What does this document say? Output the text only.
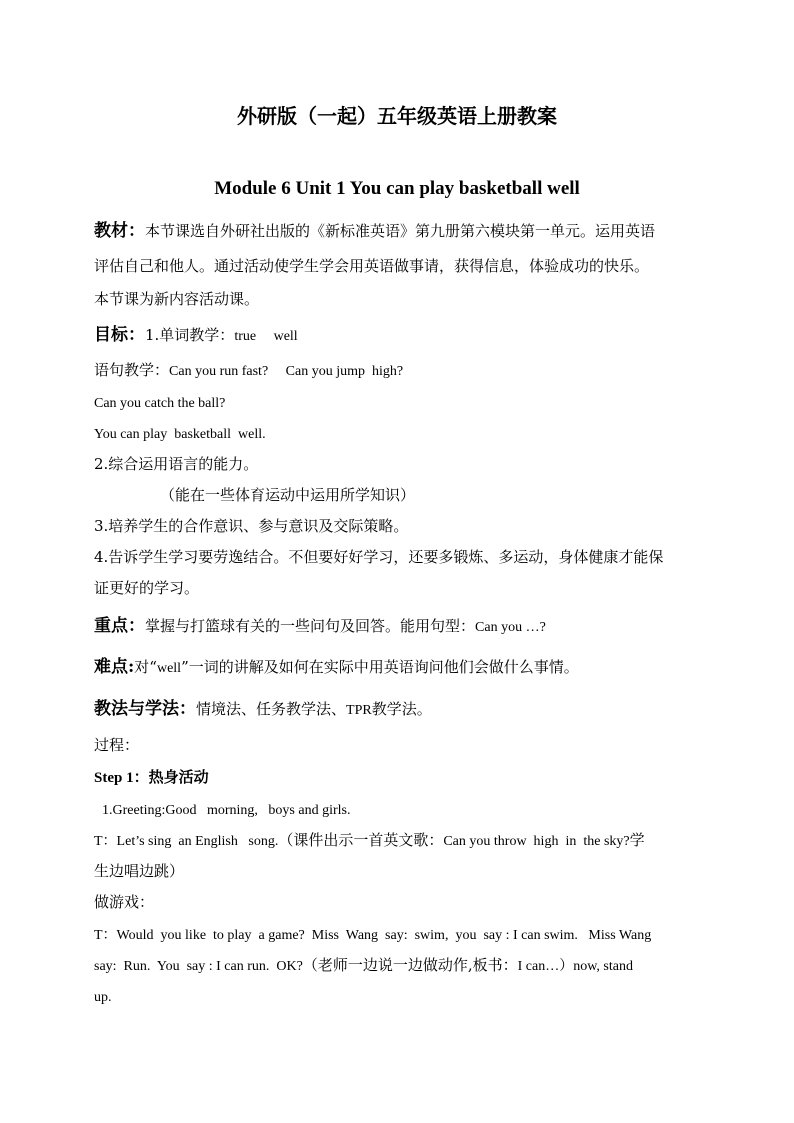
外研版（一起）五年级英语上册教案
Module 6 Unit 1 You can play basketball well
教材：本节课选自外研社出版的《新标准英语》第九册第六模块第一单元。运用英语
评估自己和他人。通过活动使学生学会用英语做事请，获得信息，体验成功的快乐。
本节课为新内容活动课。
目标：1.单词教学：true     well
语句教学：Can you run fast?     Can you jump  high?
Can you catch the ball?
You can play  basketball  well.
2.综合运用语言的能力。
（能在一些体育运动中运用所学知识）
3.培养学生的合作意识、参与意识及交际策略。
4.告诉学生学习要劳逸结合。不但要好好学习，还要多锻炼、多运动，身体健康才能保
证更好的学习。
重点：掌握与打篮球有关的一些问句及回答。能用句型：Can you …?
难点:对“well”一词的讲解及如何在实际中用英语询问他们会做什么事情。
教法与学法：情境法、任务教学法、TPR教学法。
过程：
Step 1：热身活动
1.Greeting:Good   morning,   boys and girls.
T：Let’s sing  an English   song.（课件出示一首英文歌：Can you throw  high  in  the sky?学
生边唱边跳）
做游戏：
T：Would  you like  to play  a game?  Miss  Wang  say:  swim,  you  say : I can swim.   Miss Wang
say:  Run.  You  say : I can run.  OK?（老师一边说一边做动作,板书：I can…）now, stand
up.
